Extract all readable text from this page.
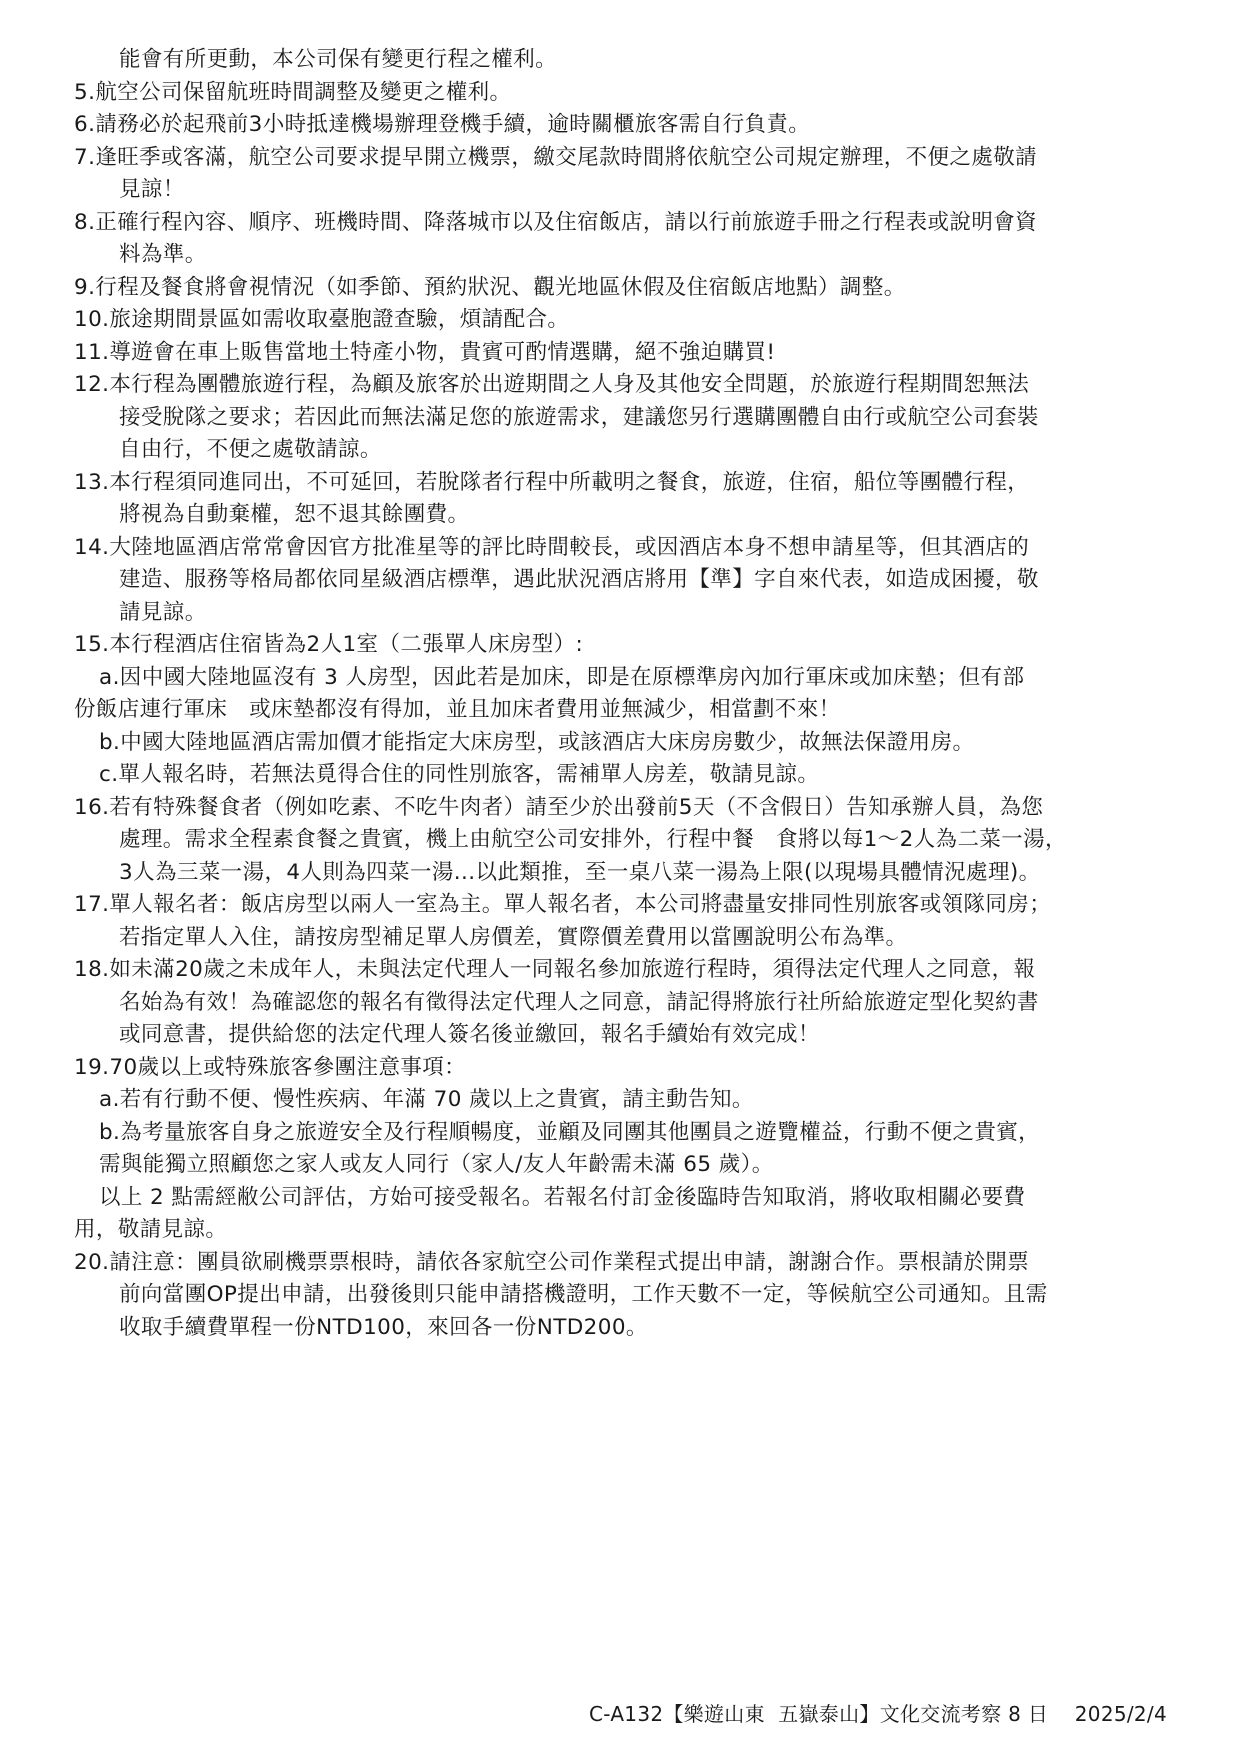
能會有所更動，本公司保有變更行程之權利。
5.航空公司保留航班時間調整及變更之權利。
6.請務必於起飛前3小時抵達機場辦理登機手續，逾時關櫃旅客需自行負責。
7.逢旺季或客滿，航空公司要求提早開立機票，繳交尾款時間將依航空公司規定辦理，不便之處敬請
見諒！
8.正確行程內容、順序、班機時間、降落城市以及住宿飯店，請以行前旅遊手冊之行程表或說明會資
料為準。
9.行程及餐食將會視情況（如季節、預約狀況、觀光地區休假及住宿飯店地點）調整。
10.旅途期間景區如需收取臺胞證查驗，煩請配合。
11.導遊會在車上販售當地土特產小物，貴賓可酌情選購，絕不強迫購買!
12.本行程為團體旅遊行程，為顧及旅客於出遊期間之人身及其他安全問題，於旅遊行程期間恕無法
接受脫隊之要求；若因此而無法滿足您的旅遊需求，建議您另行選購團體自由行或航空公司套裝
自由行，不便之處敬請諒。
13.本行程須同進同出，不可延回，若脫隊者行程中所載明之餐食，旅遊，住宿，船位等團體行程，
將視為自動棄權，恕不退其餘團費。
14.大陸地區酒店常常會因官方批准星等的評比時間較長，或因酒店本身不想申請星等，但其酒店的
建造、服務等格局都依同星級酒店標準，遇此狀況酒店將用【準】字自來代表，如造成困擾，敬
請見諒。
15.本行程酒店住宿皆為2人1室（二張單人床房型）:
a.因中國大陸地區沒有 3 人房型，因此若是加床，即是在原標準房內加行軍床或加床墊；但有部
份飯店連行軍床　或床墊都沒有得加，並且加床者費用並無減少，相當劃不來！
b.中國大陸地區酒店需加價才能指定大床房型，或該酒店大床房房數少，故無法保證用房。
c.單人報名時，若無法覓得合住的同性別旅客，需補單人房差，敬請見諒。
16.若有特殊餐食者（例如吃素、不吃牛肉者）請至少於出發前5天（不含假日）告知承辦人員，為您
處理。需求全程素食餐之貴賓，機上由航空公司安排外，行程中餐　食將以每1～2人為二菜一湯，
3人為三菜一湯，4人則為四菜一湯...以此類推，至一桌八菜一湯為上限(以現場具體情況處理)。
17.單人報名者：飯店房型以兩人一室為主。單人報名者，本公司將盡量安排同性別旅客或領隊同房；
若指定單人入住，請按房型補足單人房價差，實際價差費用以當團說明公布為準。
18.如未滿20歲之未成年人，未與法定代理人一同報名參加旅遊行程時，須得法定代理人之同意，報
名始為有效！為確認您的報名有徵得法定代理人之同意，請記得將旅行社所給旅遊定型化契約書
或同意書，提供給您的法定代理人簽名後並繳回，報名手續始有效完成！
19.70歲以上或特殊旅客參團注意事項：
a.若有行動不便、慢性疾病、年滿 70 歲以上之貴賓，請主動告知。
b.為考量旅客自身之旅遊安全及行程順暢度，並顧及同團其他團員之遊覽權益，行動不便之貴賓，
需與能獨立照顧您之家人或友人同行（家人/友人年齡需未滿 65 歲）。
以上 2 點需經敝公司評估，方始可接受報名。若報名付訂金後臨時告知取消，將收取相關必要費
用，敬請見諒。
20.請注意：團員欲刷機票票根時，請依各家航空公司作業程式提出申請，謝謝合作。票根請於開票
前向當團OP提出申請，出發後則只能申請搭機證明，工作天數不一定，等候航空公司通知。且需
收取手續費單程一份NTD100，來回各一份NTD200。
C-A132【樂遊山東  五嶽泰山】文化交流考察 8 日    2025/2/4
